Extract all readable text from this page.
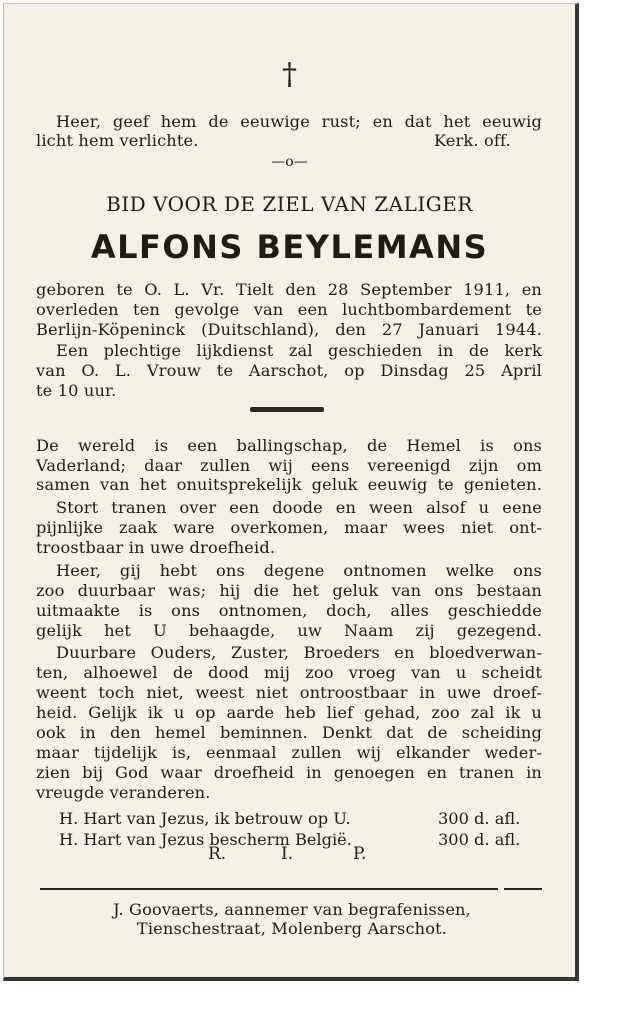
†
Heer, geef hem de eeuwige rust; en dat het eeuwig
licht hem verlichte.	Kerk. off.
—o—
BID VOOR DE ZIEL VAN ZALIGER
ALFONS BEYLEMANS
geboren te O. L. Vr. Tielt den 28 September 1911, en
overleden ten gevolge van een luchtbombardement te
Berlijn-Köpeninck (Duitschland), den 27 Januari 1944.
Een plechtige lijkdienst zal geschieden in de kerk
van O. L. Vrouw te Aarschot, op Dinsdag 25 April
te 10 uur.
De wereld is een ballingschap, de Hemel is ons
Vaderland; daar zullen wij eens vereenigd zijn om
samen van het onuitsprekelijk geluk eeuwig te genieten.
Stort tranen over een doode en ween alsof u eene
pijnlijke zaak ware overkomen, maar wees niet ont-
troostbaar in uwe droefheid.
Heer, gij hebt ons degene ontnomen welke ons
zoo duurbaar was; hij die het geluk van ons bestaan
uitmaakte is ons ontnomen, doch, alles geschiedde
gelijk het U behaagde, uw Naam zij gezegend.
Duurbare Ouders, Zuster, Broeders en bloedverwan-
ten, alhoewel de dood mij zoo vroeg van u scheidt
weent toch niet, weest niet ontroostbaar in uwe droef-
heid. Gelijk ik u op aarde heb lief gehad, zoo zal ik u
ook in den hemel beminnen. Denkt dat de scheiding
maar tijdelijk is, eenmaal zullen wij elkander weder-
zien bij God waar droefheid in genoegen en tranen in
vreugde veranderen.
H. Hart van Jezus, ik betrouw op U.	300 d. afl.
H. Hart van Jezus bescherm België.	300 d. afl.
R.	I.	P.
J. Goovaerts, aannemer van begrafenissen,
Tienschestraat, Molenberg Aarschot.
